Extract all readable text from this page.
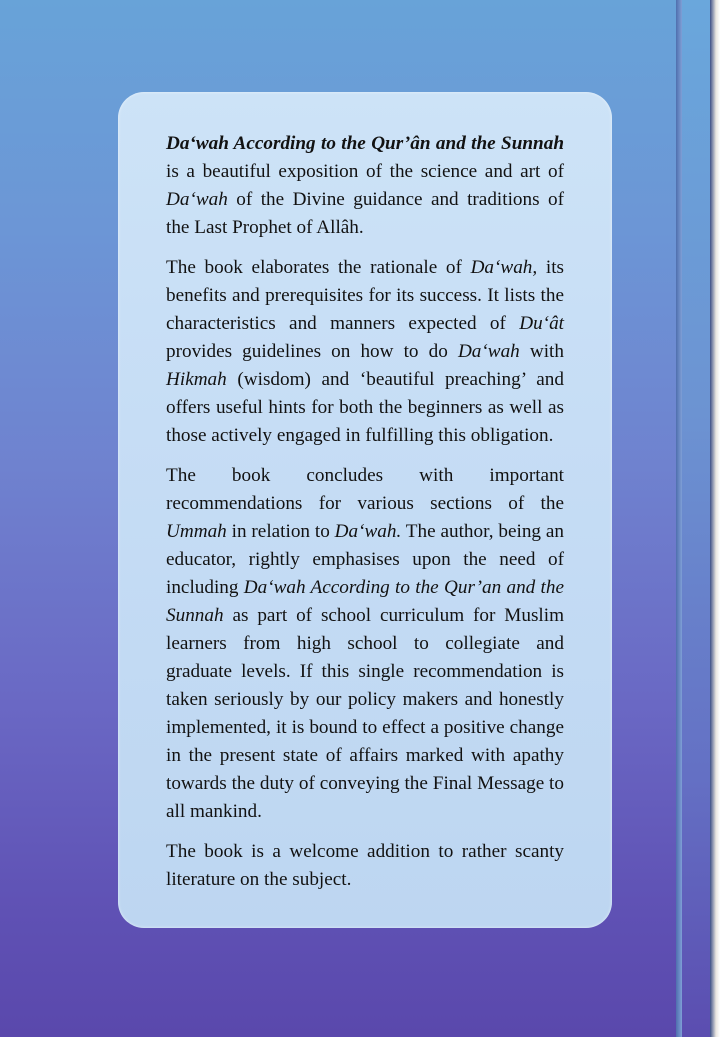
Da‘wah According to the Qur’ân and the Sunnah is a beautiful exposition of the science and art of Da‘wah of the Divine guidance and traditions of the Last Prophet of Allâh.

The book elaborates the rationale of Da‘wah, its benefits and prerequisites for its success. It lists the characteristics and manners expected of Du‘ât provides guidelines on how to do Da‘wah with Hikmah (wisdom) and ‘beautiful preaching’ and offers useful hints for both the beginners as well as those actively engaged in fulfilling this obligation.

The book concludes with important recommendations for various sections of the Ummah in relation to Da‘wah. The author, being an educator, rightly emphasises upon the need of including Da‘wah According to the Qur’an and the Sunnah as part of school curriculum for Muslim learners from high school to collegiate and graduate levels. If this single recommendation is taken seriously by our policy makers and honestly implemented, it is bound to effect a positive change in the present state of affairs marked with apathy towards the duty of conveying the Final Message to all mankind.

The book is a welcome addition to rather scanty literature on the subject.
